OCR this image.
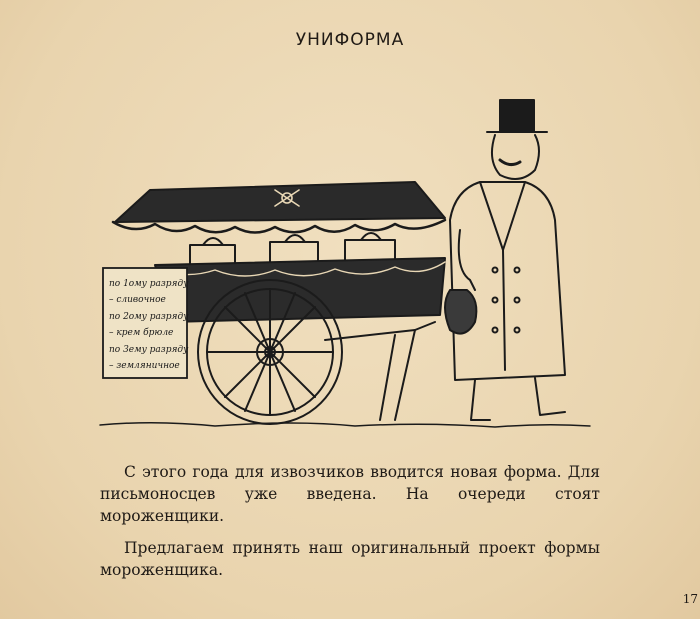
УНИФОРМА
по 1ому разряду
– сливочное
по 2ому разряду
– крем брюле
по 3ему разряду
– земляничное
С этого года для извозчиков вводится новая форма. Для письмоносцев уже введена. На очереди стоят мороженщики.
Предлагаем принять наш оригинальный проект формы мороженщика.
17
